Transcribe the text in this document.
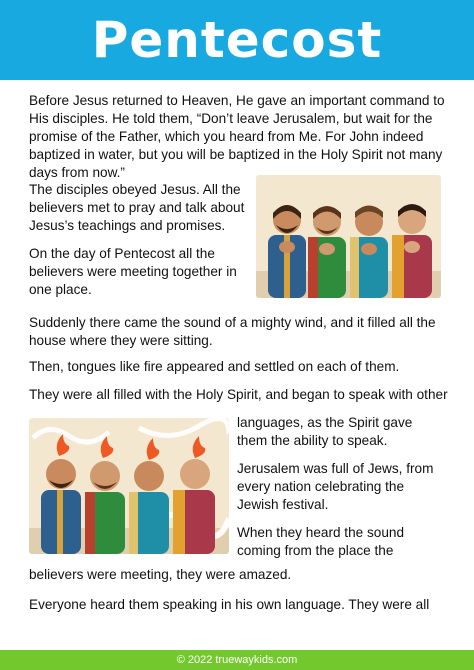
Pentecost

Before Jesus returned to Heaven, He gave an important command to His disciples. He told them, “Don’t leave Jerusalem, but wait for the promise of the Father, which you heard from Me. For John indeed baptized in water, but you will be baptized in the Holy Spirit not many days from now.”

The disciples obeyed Jesus. All the believers met to pray and talk about Jesus’s teachings and promises.

On the day of Pentecost all the believers were meeting together in one place.

Suddenly there came the sound of a mighty wind, and it filled all the house where they were sitting.

Then, tongues like fire appeared and settled on each of them.

They were all filled with the Holy Spirit, and began to speak with other

languages, as the Spirit gave them the ability to speak.

Jerusalem was full of Jews, from every nation celebrating the Jewish festival.

When they heard the sound coming from the place the

believers were meeting, they were amazed.

Everyone heard them speaking in his own language. They were all

© 2022 truewaykids.com
